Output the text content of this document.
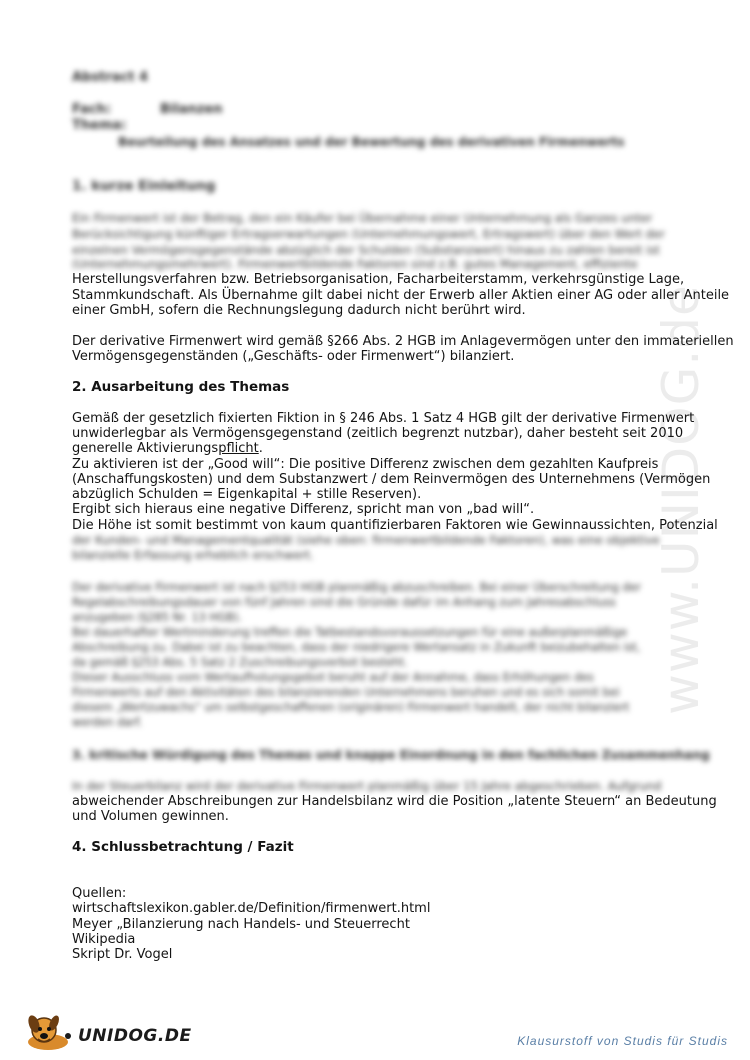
www.UNIDOG.de
Abstract 4
Fach:	Bilanzen
Thema:
Beurteilung des Ansatzes und der Bewertung des derivativen Firmenwerts
1. kurze Einleitung
Ein Firmenwert ist der Betrag, den ein Käufer bei Übernahme einer Unternehmung als Ganzes unter
Berücksichtigung künftiger Ertragserwartungen (Unternehmungswert, Ertragswert) über den Wert der
einzelnen Vermögensgegenstände abzüglich der Schulden (Substanzwert) hinaus zu zahlen bereit ist
(Unternehmungsmehrwert). Firmenwertbildende Faktoren sind z.B. gutes Management, effiziente
Herstellungsverfahren bzw. Betriebsorganisation, Facharbeiterstamm, verkehrsgünstige Lage,
Stammkundschaft. Als Übernahme gilt dabei nicht der Erwerb aller Aktien einer AG oder aller Anteile
einer GmbH, sofern die Rechnungslegung dadurch nicht berührt wird.
Der derivative Firmenwert wird gemäß §266 Abs. 2 HGB im Anlagevermögen unter den immateriellen
Vermögensgegenständen („Geschäfts- oder Firmenwert“) bilanziert.
2. Ausarbeitung des Themas
Gemäß der gesetzlich fixierten Fiktion in § 246 Abs. 1 Satz 4 HGB gilt der derivative Firmenwert
unwiderlegbar als Vermögensgegenstand (zeitlich begrenzt nutzbar), daher besteht seit 2010
generelle Aktivierungspflicht.
Zu aktivieren ist der „Good will“: Die positive Differenz zwischen dem gezahlten Kaufpreis
(Anschaffungskosten) und dem Substanzwert / dem Reinvermögen des Unternehmens (Vermögen
abzüglich Schulden = Eigenkapital + stille Reserven).
Ergibt sich hieraus eine negative Differenz, spricht man von „bad will“.
Die Höhe ist somit bestimmt von kaum quantifizierbaren Faktoren wie Gewinnaussichten, Potenzial
der Kunden- und Managementqualität (siehe oben: firmenwertbildende Faktoren), was eine objektive
bilanzielle Erfassung erheblich erschwert.
Der derivative Firmenwert ist nach §253 HGB planmäßig abzuschreiben. Bei einer Überschreitung der
Regelabschreibungsdauer von fünf Jahren sind die Gründe dafür im Anhang zum Jahresabschluss
anzugeben (§285 Nr. 13 HGB).
Bei dauerhafter Wertminderung treffen die Tatbestandsvoraussetzungen für eine außerplanmäßige
Abschreibung zu. Dabei ist zu beachten, dass der niedrigere Wertansatz in Zukunft beizubehalten ist,
da gemäß §253 Abs. 5 Satz 2 Zuschreibungsverbot besteht.
Dieser Ausschluss vom Wertaufholungsgebot beruht auf der Annahme, dass Erhöhungen des
Firmenwerts auf den Aktivitäten des bilanzierenden Unternehmens beruhen und es sich somit bei
diesem „Wertzuwachs“ um selbstgeschaffenen (originären) Firmenwert handelt, der nicht bilanziert
werden darf.
3. kritische Würdigung des Themas und knappe Einordnung in den fachlichen Zusammenhang
In der Steuerbilanz wird der derivative Firmenwert planmäßig über 15 Jahre abgeschrieben. Aufgrund
abweichender Abschreibungen zur Handelsbilanz wird die Position „latente Steuern“ an Bedeutung
und Volumen gewinnen.
4. Schlussbetrachtung / Fazit
Quellen:
wirtschaftslexikon.gabler.de/Definition/firmenwert.html
Meyer „Bilanzierung nach Handels- und Steuerrecht
Wikipedia
Skript Dr. Vogel
UNIDOG.DE	Klausurstoff von Studis für Studis
